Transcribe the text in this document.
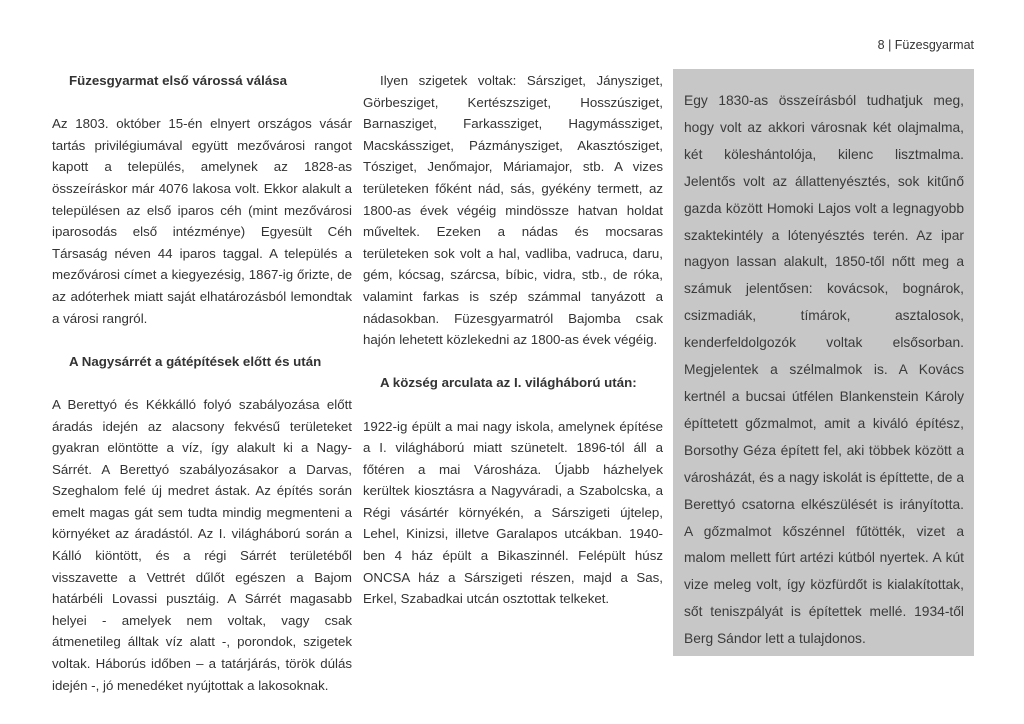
8 | Füzesgyarmat

Füzesgyarmat első várossá válása

Az 1803. október 15-én elnyert országos vásár tartás privilégiumával együtt mezővárosi rangot kapott a település, amelynek az 1828-as összeíráskor már 4076 lakosa volt. Ekkor alakult a településen az első iparos céh (mint mezővárosi iparosodás első intézménye) Egyesült Céh Társaság néven 44 iparos taggal. A település a mezővárosi címet a kiegyezésig, 1867-ig őrizte, de az adóterhek miatt saját elhatározásból lemondtak a városi rangról.

A Nagysárrét a gátépítések előtt és után

A Berettyó és Kékkálló folyó szabályozása előtt áradás idején az alacsony fekvésű területeket gyakran elöntötte a víz, így alakult ki a Nagy-Sárrét. A Berettyó szabályozásakor a Darvas, Szeghalom felé új medret ástak. Az építés során emelt magas gát sem tudta mindig megmenteni a környéket az áradástól. Az I. világháború során a Kálló kiöntött, és a régi Sárrét területéből visszavette a Vettrét dűlőt egészen a Bajom határbéli Lovassi pusztáig. A Sárrét magasabb helyei - amelyek nem voltak, vagy csak átmenetileg álltak víz alatt -, porondok, szigetek voltak. Háborús időben – a tatárjárás, török dúlás idején -, jó menedéket nyújtottak a lakosoknak.

Ilyen szigetek voltak: Sársziget, Jánysziget, Görbesziget, Kertészsziget, Hosszúsziget, Barnasziget, Farkassziget, Hagymássziget, Macskássziget, Pázmánysziget, Akasztósziget, Tósziget, Jenőmajor, Máriamajor, stb. A vizes területeken főként nád, sás, gyékény termett, az 1800-as évek végéig mindössze hatvan holdat műveltek. Ezeken a nádas és mocsaras területeken sok volt a hal, vadliba, vadruca, daru, gém, kócsag, szárcsa, bíbic, vidra, stb., de róka, valamint farkas is szép számmal tanyázott a nádasokban. Füzesgyarmatról Bajomba csak hajón lehetett közlekedni az 1800-as évek végéig.

A község arculata az I. világháború után:

1922-ig épült a mai nagy iskola, amelynek építése a I. világháború miatt szünetelt. 1896-tól áll a főtéren a mai Városháza. Újabb házhelyek kerültek kiosztásra a Nagyváradi, a Szabolcska, a Régi vásártér környékén, a Sárszigeti újtelep, Lehel, Kinizsi, illetve Garalapos utcákban. 1940-ben 4 ház épült a Bikaszinnél. Felépült húsz ONCSA ház a Sárszigeti részen, majd a Sas, Erkel, Szabadkai utcán osztottak telkeket.

Egy 1830-as összeírásból tudhatjuk meg, hogy volt az akkori városnak két olajmalma, két köleshántolója, kilenc lisztmalma. Jelentős volt az állattenyésztés, sok kitűnő gazda között Homoki Lajos volt a legnagyobb szaktekintély a lótenyésztés terén. Az ipar nagyon lassan alakult, 1850-től nőtt meg a számuk jelentősen: kovácsok, bognárok, csizmadiák, tímárok, asztalosok, kenderfeldolgozók voltak elsősorban. Megjelentek a szélmalmok is. A Kovács kertnél a bucsai útfélen Blankenstein Károly építtetett gőzmalmot, amit a kiváló építész, Borsothy Géza épített fel, aki többek között a városházát, és a nagy iskolát is építtette, de a Berettyó csatorna elkészülését is irányította. A gőzmalmot kőszénnel fűtötték, vizet a malom mellett fúrt artézi kútból nyertek. A kút vize meleg volt, így közfürdőt is kialakítottak, sőt teniszpályát is építettek mellé. 1934-től Berg Sándor lett a tulajdonos.
